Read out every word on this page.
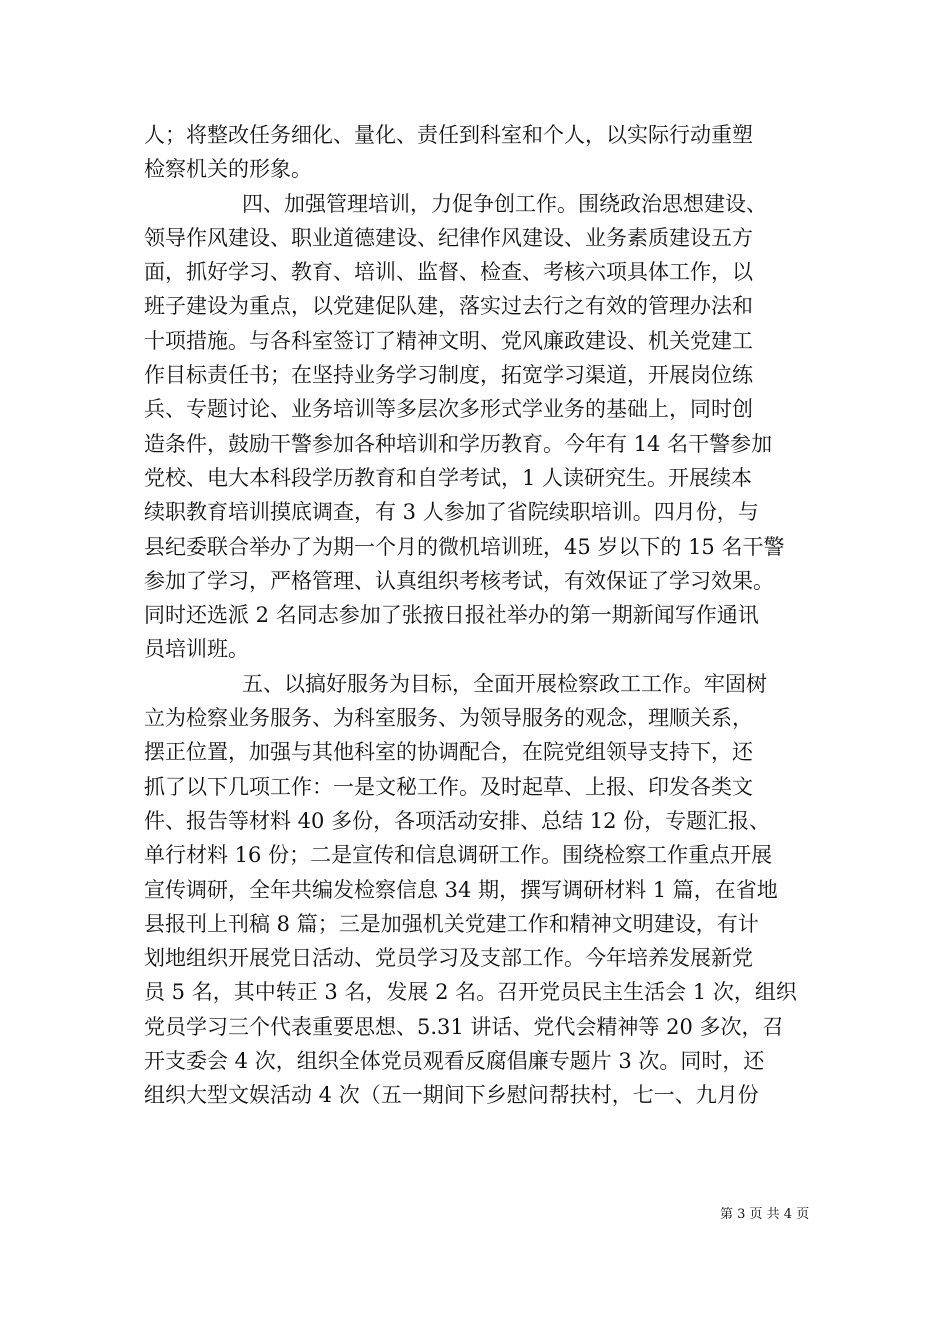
人；将整改任务细化、量化、责任到科室和个人，以实际行动重塑
检察机关的形象。
四、加强管理培训，力促争创工作。围绕政治思想建设、
领导作风建设、职业道德建设、纪律作风建设、业务素质建设五方
面，抓好学习、教育、培训、监督、检查、考核六项具体工作，以
班子建设为重点，以党建促队建，落实过去行之有效的管理办法和
十项措施。与各科室签订了精神文明、党风廉政建设、机关党建工
作目标责任书；在坚持业务学习制度，拓宽学习渠道，开展岗位练
兵、专题讨论、业务培训等多层次多形式学业务的基础上，同时创
造条件，鼓励干警参加各种培训和学历教育。今年有 14 名干警参加
党校、电大本科段学历教育和自学考试，1 人读研究生。开展续本
续职教育培训摸底调查，有 3 人参加了省院续职培训。四月份，与
县纪委联合举办了为期一个月的微机培训班，45 岁以下的 15 名干警
参加了学习，严格管理、认真组织考核考试，有效保证了学习效果。
同时还选派 2 名同志参加了张掖日报社举办的第一期新闻写作通讯
员培训班。
五、以搞好服务为目标，全面开展检察政工工作。牢固树
立为检察业务服务、为科室服务、为领导服务的观念，理顺关系，
摆正位置，加强与其他科室的协调配合，在院党组领导支持下，还
抓了以下几项工作：一是文秘工作。及时起草、上报、印发各类文
件、报告等材料 40 多份，各项活动安排、总结 12 份，专题汇报、
单行材料 16 份；二是宣传和信息调研工作。围绕检察工作重点开展
宣传调研，全年共编发检察信息 34 期，撰写调研材料 1 篇，在省地
县报刊上刊稿 8 篇；三是加强机关党建工作和精神文明建设，有计
划地组织开展党日活动、党员学习及支部工作。今年培养发展新党
员 5 名，其中转正 3 名，发展 2 名。召开党员民主生活会 1 次，组织
党员学习三个代表重要思想、5.31 讲话、党代会精神等 20 多次，召
开支委会 4 次，组织全体党员观看反腐倡廉专题片 3 次。同时，还
组织大型文娱活动 4 次（五一期间下乡慰问帮扶村，七一、九月份
第 3 页 共 4 页
